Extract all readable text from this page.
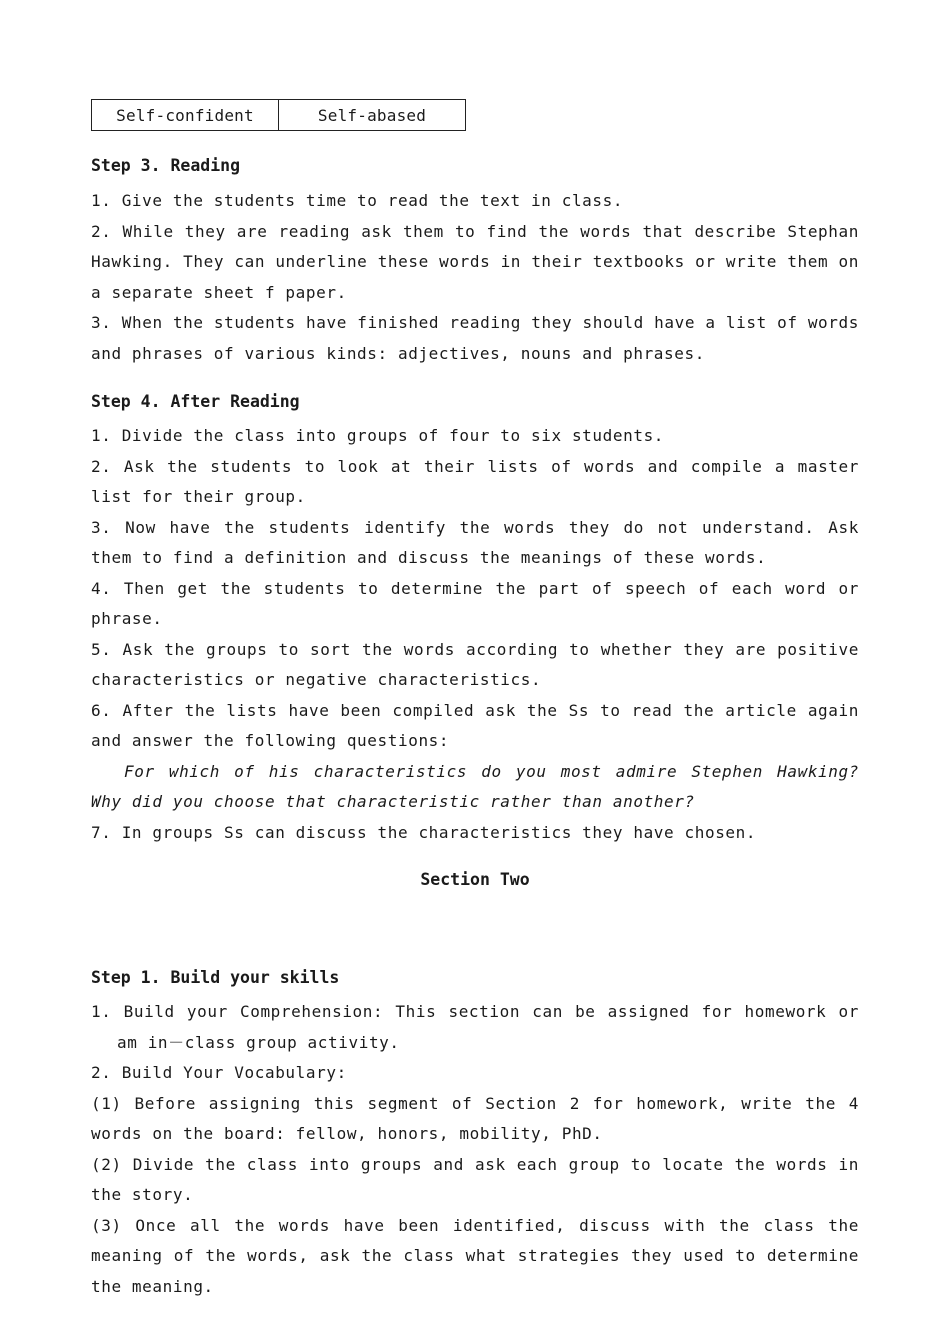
Self-confident	Self-abased
Step 3. Reading

1. Give the students time to read the text in class.

2. While they are reading ask them to find the words that describe Stephan Hawking. They can underline these words in their textbooks or write them on a separate sheet f paper.

3. When the students have finished reading they should have a list of words and phrases of various kinds: adjectives, nouns and phrases.

Step 4. After Reading

1. Divide the class into groups of four to six students.

2. Ask the students to look at their lists of words and compile a master list for their group.

3. Now have the students identify the words they do not understand. Ask them to find a definition and discuss the meanings of these words.

4. Then get the students to determine the part of speech of each word or phrase.

5. Ask the groups to sort the words according to whether they are positive characteristics or negative characteristics.

6. After the lists have been compiled ask the Ss to read the article again and answer the following questions:

For which of his characteristics do you most admire Stephen Hawking? Why did you choose that characteristic rather than another?

7. In groups Ss can discuss the characteristics they have chosen.

Section Two
Step 1. Build your skills

1. Build your Comprehension: This section can be assigned for homework or am in－class group activity.

2. Build Your Vocabulary:

(1) Before assigning this segment of Section 2 for homework, write the 4 words on the board: fellow, honors, mobility, PhD.

(2) Divide the class into groups and ask each group to locate the words in the story.

(3) Once all the words have been identified, discuss with the class the meaning of the words, ask the class what strategies they used to determine the meaning.
